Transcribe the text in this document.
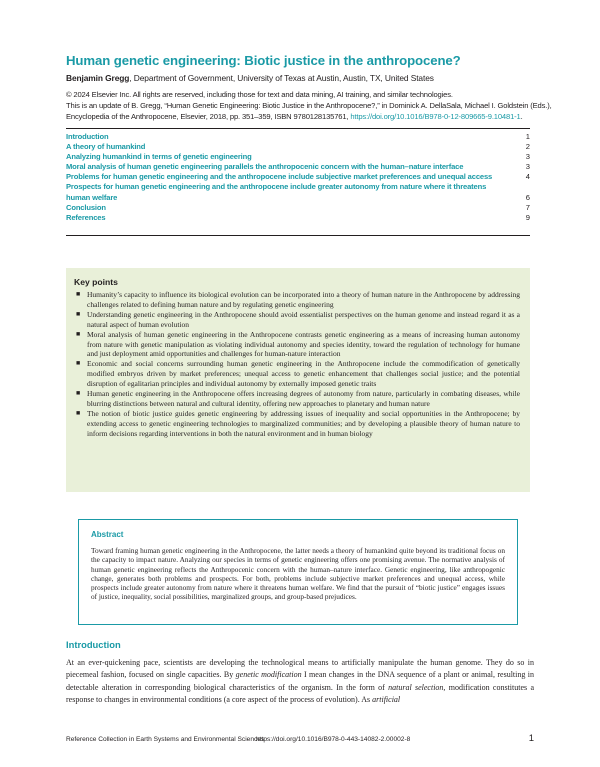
Human genetic engineering: Biotic justice in the anthropocene?
Benjamin Gregg, Department of Government, University of Texas at Austin, Austin, TX, United States
© 2024 Elsevier Inc. All rights are reserved, including those for text and data mining, AI training, and similar technologies.
This is an update of B. Gregg, “Human Genetic Engineering: Biotic Justice in the Anthropocene?,” in Dominick A. DellaSala, Michael I. Goldstein (Eds.),
Encyclopedia of the Anthropocene, Elsevier, 2018, pp. 351–359, ISBN 9780128135761, https://doi.org/10.1016/B978-0-12-809665-9.10481-1.
Introduction	1
A theory of humankind	2
Analyzing humankind in terms of genetic engineering	3
Moral analysis of human genetic engineering parallels the anthropocenic concern with the human–nature interface	3
Problems for human genetic engineering and the anthropocene include subjective market preferences and unequal access	4
Prospects for human genetic engineering and the anthropocene include greater autonomy from nature where it threatens human welfare	6
Conclusion	7
References	9
Key points
■ Humanity’s capacity to influence its biological evolution can be incorporated into a theory of human nature in the Anthropocene by addressing challenges related to defining human nature and by regulating genetic engineering
■ Understanding genetic engineering in the Anthropocene should avoid essentialist perspectives on the human genome and instead regard it as a natural aspect of human evolution
■ Moral analysis of human genetic engineering in the Anthropocene contrasts genetic engineering as a means of increasing human autonomy from nature with genetic manipulation as violating individual autonomy and species identity, toward the regulation of technology for humane and just deployment amid opportunities and challenges for human-nature interaction
■ Economic and social concerns surrounding human genetic engineering in the Anthropocene include the commodification of genetically modified embryos driven by market preferences; unequal access to genetic enhancement that challenges social justice; and the potential disruption of egalitarian principles and individual autonomy by externally imposed genetic traits
■ Human genetic engineering in the Anthropocene offers increasing degrees of autonomy from nature, particularly in combating diseases, while blurring distinctions between natural and cultural identity, offering new approaches to planetary and human nature
■ The notion of biotic justice guides genetic engineering by addressing issues of inequality and social opportunities in the Anthropocene; by extending access to genetic engineering technologies to marginalized communities; and by developing a plausible theory of human nature to inform decisions regarding interventions in both the natural environment and in human biology
Abstract
Toward framing human genetic engineering in the Anthropocene, the latter needs a theory of humankind quite beyond its traditional focus on the capacity to impact nature. Analyzing our species in terms of genetic engineering offers one promising avenue. The normative analysis of human genetic engineering reflects the Anthropocenic concern with the human–nature interface. Genetic engineering, like anthropogenic change, generates both problems and prospects. For both, problems include subjective market preferences and unequal access, while prospects include greater autonomy from nature where it threatens human welfare. We find that the pursuit of “biotic justice” engages issues of justice, inequality, social possibilities, marginalized groups, and group-based prejudices.
Introduction
At an ever-quickening pace, scientists are developing the technological means to artificially manipulate the human genome. They do so in piecemeal fashion, focused on single capacities. By genetic modification I mean changes in the DNA sequence of a plant or animal, resulting in detectable alteration in corresponding biological characteristics of the organism. In the form of natural selection, modification constitutes a response to changes in environmental conditions (a core aspect of the process of evolution). As artificial
Reference Collection in Earth Systems and Environmental Sciences
https://doi.org/10.1016/B978-0-443-14082-2.00002-8	1
